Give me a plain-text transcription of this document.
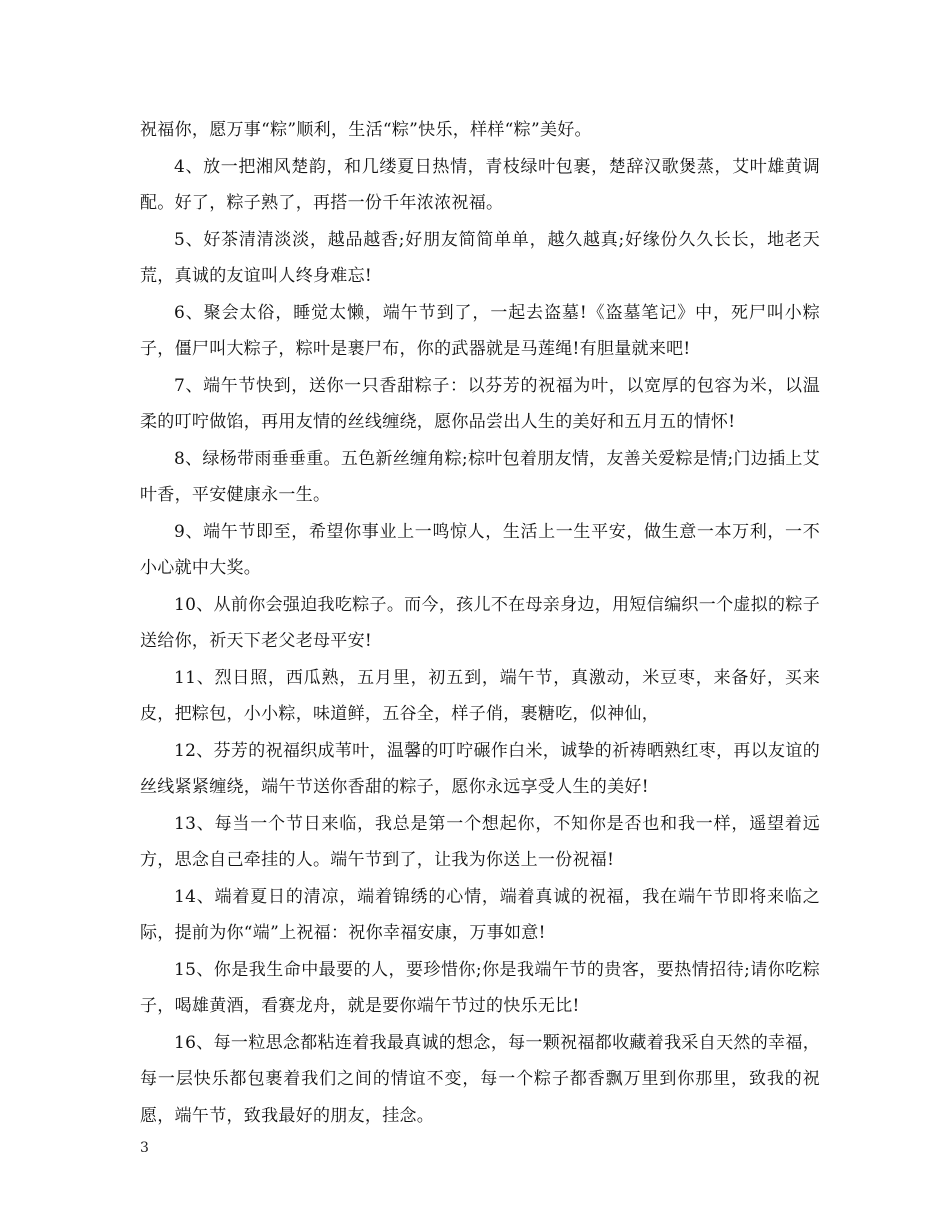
祝福你，愿万事“粽”顺利，生活“粽”快乐，样样“粽”美好。

4、放一把湘风楚韵，和几缕夏日热情，青枝绿叶包裹，楚辞汉歌煲蒸，艾叶雄黄调配。好了，粽子熟了，再搭一份千年浓浓祝福。

5、好茶清清淡淡，越品越香;好朋友简简单单，越久越真;好缘份久久长长，地老天荒，真诚的友谊叫人终身难忘!

6、聚会太俗，睡觉太懒，端午节到了，一起去盗墓!《盗墓笔记》中，死尸叫小粽子，僵尸叫大粽子，粽叶是裹尸布，你的武器就是马莲绳!有胆量就来吧!

7、端午节快到，送你一只香甜粽子：以芬芳的祝福为叶，以宽厚的包容为米，以温柔的叮咛做馅，再用友情的丝线缠绕，愿你品尝出人生的美好和五月五的情怀!

8、绿杨带雨垂垂重。五色新丝缠角粽;棕叶包着朋友情，友善关爱粽是情;门边插上艾叶香，平安健康永一生。

9、端午节即至，希望你事业上一鸣惊人，生活上一生平安，做生意一本万利，一不小心就中大奖。

10、从前你会强迫我吃粽子。而今，孩儿不在母亲身边，用短信编织一个虚拟的粽子送给你，祈天下老父老母平安!

11、烈日照，西瓜熟，五月里，初五到，端午节，真激动，米豆枣，来备好，买来皮，把粽包，小小粽，味道鲜，五谷全，样子俏，裹糖吃，似神仙，

12、芬芳的祝福织成苇叶，温馨的叮咛碾作白米，诚挚的祈祷晒熟红枣，再以友谊的丝线紧紧缠绕，端午节送你香甜的粽子，愿你永远享受人生的美好!

13、每当一个节日来临，我总是第一个想起你，不知你是否也和我一样，遥望着远方，思念自己牵挂的人。端午节到了，让我为你送上一份祝福!

14、端着夏日的清凉，端着锦绣的心情，端着真诚的祝福，我在端午节即将来临之际，提前为你“端”上祝福：祝你幸福安康，万事如意!

15、你是我生命中最要的人，要珍惜你;你是我端午节的贵客，要热情招待;请你吃粽子，喝雄黄酒，看赛龙舟，就是要你端午节过的快乐无比!

16、每一粒思念都粘连着我最真诚的想念，每一颗祝福都收藏着我采自天然的幸福，每一层快乐都包裹着我们之间的情谊不变，每一个粽子都香飘万里到你那里，致我的祝愿，端午节，致我最好的朋友，挂念。

3
